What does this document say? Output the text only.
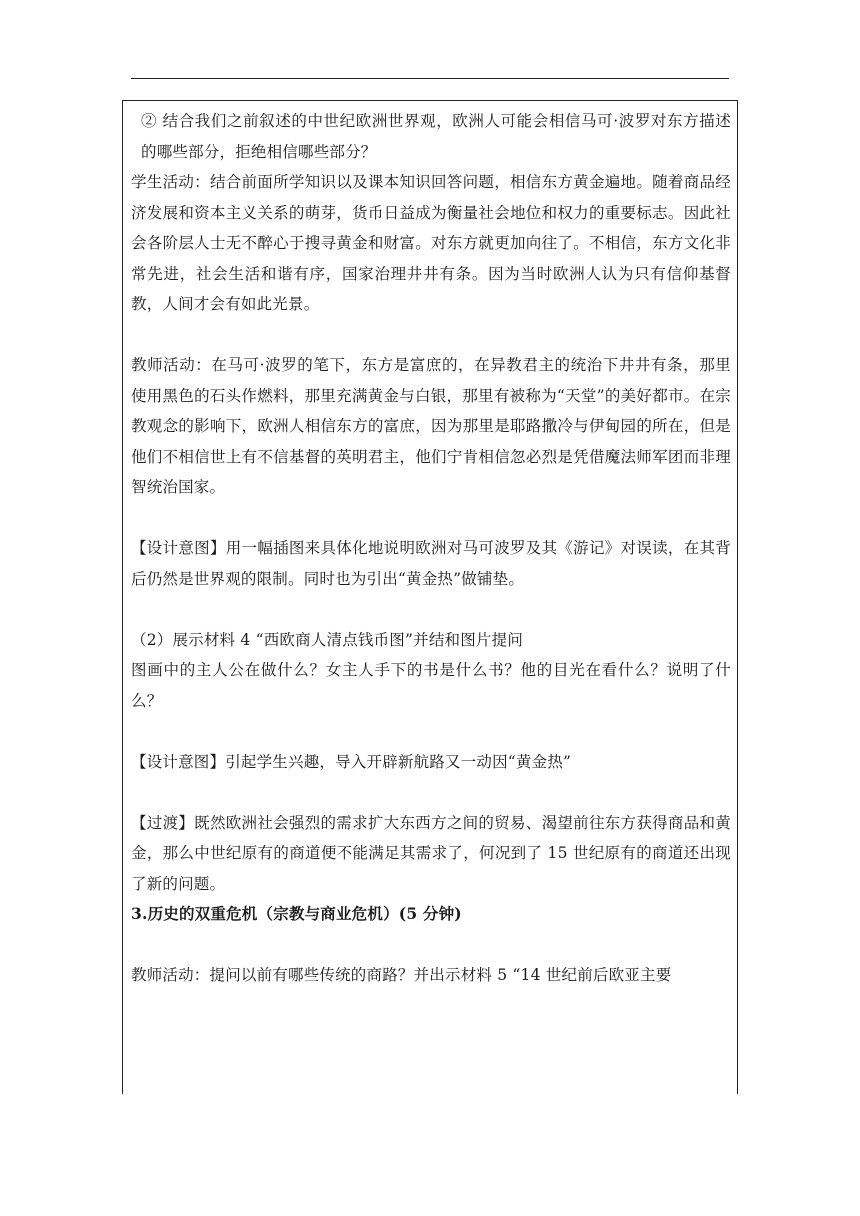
② 结合我们之前叙述的中世纪欧洲世界观，欧洲人可能会相信马可·波罗对东方描述的哪些部分，拒绝相信哪些部分？

学生活动：结合前面所学知识以及课本知识回答问题，相信东方黄金遍地。随着商品经济发展和资本主义关系的萌芽，货币日益成为衡量社会地位和权力的重要标志。因此社会各阶层人士无不醉心于搜寻黄金和财富。对东方就更加向往了。不相信，东方文化非常先进，社会生活和谐有序，国家治理井井有条。因为当时欧洲人认为只有信仰基督教，人间才会有如此光景。

教师活动：在马可·波罗的笔下，东方是富庶的，在异教君主的统治下井井有条，那里使用黑色的石头作燃料，那里充满黄金与白银，那里有被称为“天堂”的美好都市。在宗教观念的影响下，欧洲人相信东方的富庶，因为那里是耶路撒冷与伊甸园的所在，但是他们不相信世上有不信基督的英明君主，他们宁肯相信忽必烈是凭借魔法师军团而非理智统治国家。

【设计意图】用一幅插图来具体化地说明欧洲对马可波罗及其《游记》对误读，在其背后仍然是世界观的限制。同时也为引出“黄金热”做铺垫。

（2）展示材料 4 “西欧商人清点钱币图”并结和图片提问

图画中的主人公在做什么？女主人手下的书是什么书？他的目光在看什么？说明了什么？

【设计意图】引起学生兴趣，导入开辟新航路又一动因“黄金热”

【过渡】既然欧洲社会强烈的需求扩大东西方之间的贸易、渴望前往东方获得商品和黄金，那么中世纪原有的商道便不能满足其需求了，何况到了 15 世纪原有的商道还出现了新的问题。

3.历史的双重危机（宗教与商业危机）(5 分钟)

教师活动：提问以前有哪些传统的商路？并出示材料 5 “14 世纪前后欧亚主要
